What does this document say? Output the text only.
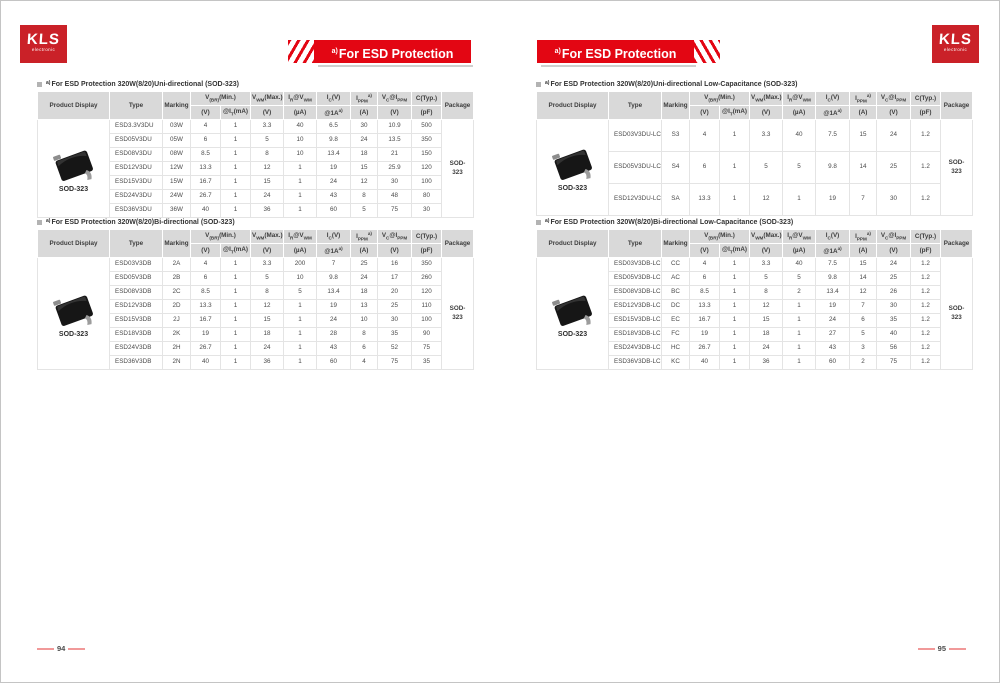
KLS
electronic	$^{a)}$For ESD Protection
$^{a)}$For ESD Protection 320W(8/20)Uni-directional (SOD-323)
Product Display	Type	Marking	$V_{(BR)}(Min.)$		$V_{WM}(Max.)$	$I_R@V_{WM}$	$I_C(V)$	$I_{PPM}^{a)}$	$V_C@I_{PPM}$	C(Typ.)	Package
			(V)	$@I_T(mA)$	(V)	(µA)	$@1A^{a)}$	(A)	(V)	(pF)	

SOD-323	ESD3.3V3DU	03W	4	1	3.3	40	6.5	30	10.9	500	SOD-323
	ESD05V3DU	05W	6	1	5	10	9.8	24	13.5	350	
	ESD08V3DU	08W	8.5	1	8	10	13.4	18	21	150	
	ESD12V3DU	12W	13.3	1	12	1	19	15	25.9	120	
	ESD15V3DU	15W	16.7	1	15	1	24	12	30	100	
	ESD24V3DU	24W	26.7	1	24	1	43	8	48	80	
	ESD36V3DU	36W	40	1	36	1	60	5	75	30	
$^{a)}$For ESD Protection 320W(8/20)Bi-directional (SOD-323)
Product Display	Type	Marking	$V_{(BR)}(Min.)$		$V_{WM}(Max.)$	$I_R@V_{WM}$	$I_C(V)$	$I_{PPM}^{a)}$	$V_C@I_{PPM}$	C(Typ.)	Package
			(V)	$@I_T(mA)$	(V)	(µA)	$@1A^{a)}$	(A)	(V)	(pF)	

SOD-323	ESD03V3DB	2A	4	1	3.3	200	7	25	16	350	SOD-323
	ESD05V3DB	2B	6	1	5	10	9.8	24	17	260	
	ESD08V3DB	2C	8.5	1	8	5	13.4	18	20	120	
	ESD12V3DB	2D	13.3	1	12	1	19	13	25	110	
	ESD15V3DB	2J	16.7	1	15	1	24	10	30	100	
	ESD18V3DB	2K	19	1	18	1	28	8	35	90	
	ESD24V3DB	2H	26.7	1	24	1	43	6	52	75	
	ESD36V3DB	2N	40	1	36	1	60	4	75	35	
94
KLS
electronic
$^{a)}$For ESD Protection
$^{a)}$For ESD Protection 320W(8/20)Uni-directional Low-Capacitance (SOD-323)
Product Display	Type	Marking	$V_{(BR)}(Min.)$		$V_{WM}(Max.)$	$I_R@V_{WM}$	$I_C(V)$	$I_{PPM}^{a)}$	$V_C@I_{PPM}$	C(Typ.)	Package
			(V)	$@I_T(mA)$	(V)	(µA)	$@1A^{a)}$	(A)	(V)	(pF)	

SOD-323	ESD03V3DU-LC	S3	4	1	3.3	40	7.5	15	24	1.2	SOD-323
	ESD05V3DU-LC	S4	6	1	5	5	9.8	14	25	1.2	
	ESD12V3DU-LC	SA	13.3	1	12	1	19	7	30	1.2	
$^{a)}$For ESD Protection 320W(8/20)Bi-directional Low-Capacitance (SOD-323)
Product Display	Type	Marking	$V_{(BR)}(Min.)$		$V_{WM}(Max.)$	$I_R@V_{WM}$	$I_C(V)$	$I_{PPM}^{a)}$	$V_C@I_{PPM}$	C(Typ.)	Package
			(V)	$@I_T(mA)$	(V)	(µA)	$@1A^{a)}$	(A)	(V)	(pF)	

SOD-323	ESD03V3DB-LC	CC	4	1	3.3	40	7.5	15	24	1.2	SOD-323
	ESD05V3DB-LC	AC	6	1	5	5	9.8	14	25	1.2	
	ESD08V3DB-LC	BC	8.5	1	8	2	13.4	12	26	1.2	
	ESD12V3DB-LC	DC	13.3	1	12	1	19	7	30	1.2	
	ESD15V3DB-LC	EC	16.7	1	15	1	24	6	35	1.2	
	ESD18V3DB-LC	FC	19	1	18	1	27	5	40	1.2	
	ESD24V3DB-LC	HC	26.7	1	24	1	43	3	56	1.2	
	ESD36V3DB-LC	KC	40	1	36	1	60	2	75	1.2	
95
